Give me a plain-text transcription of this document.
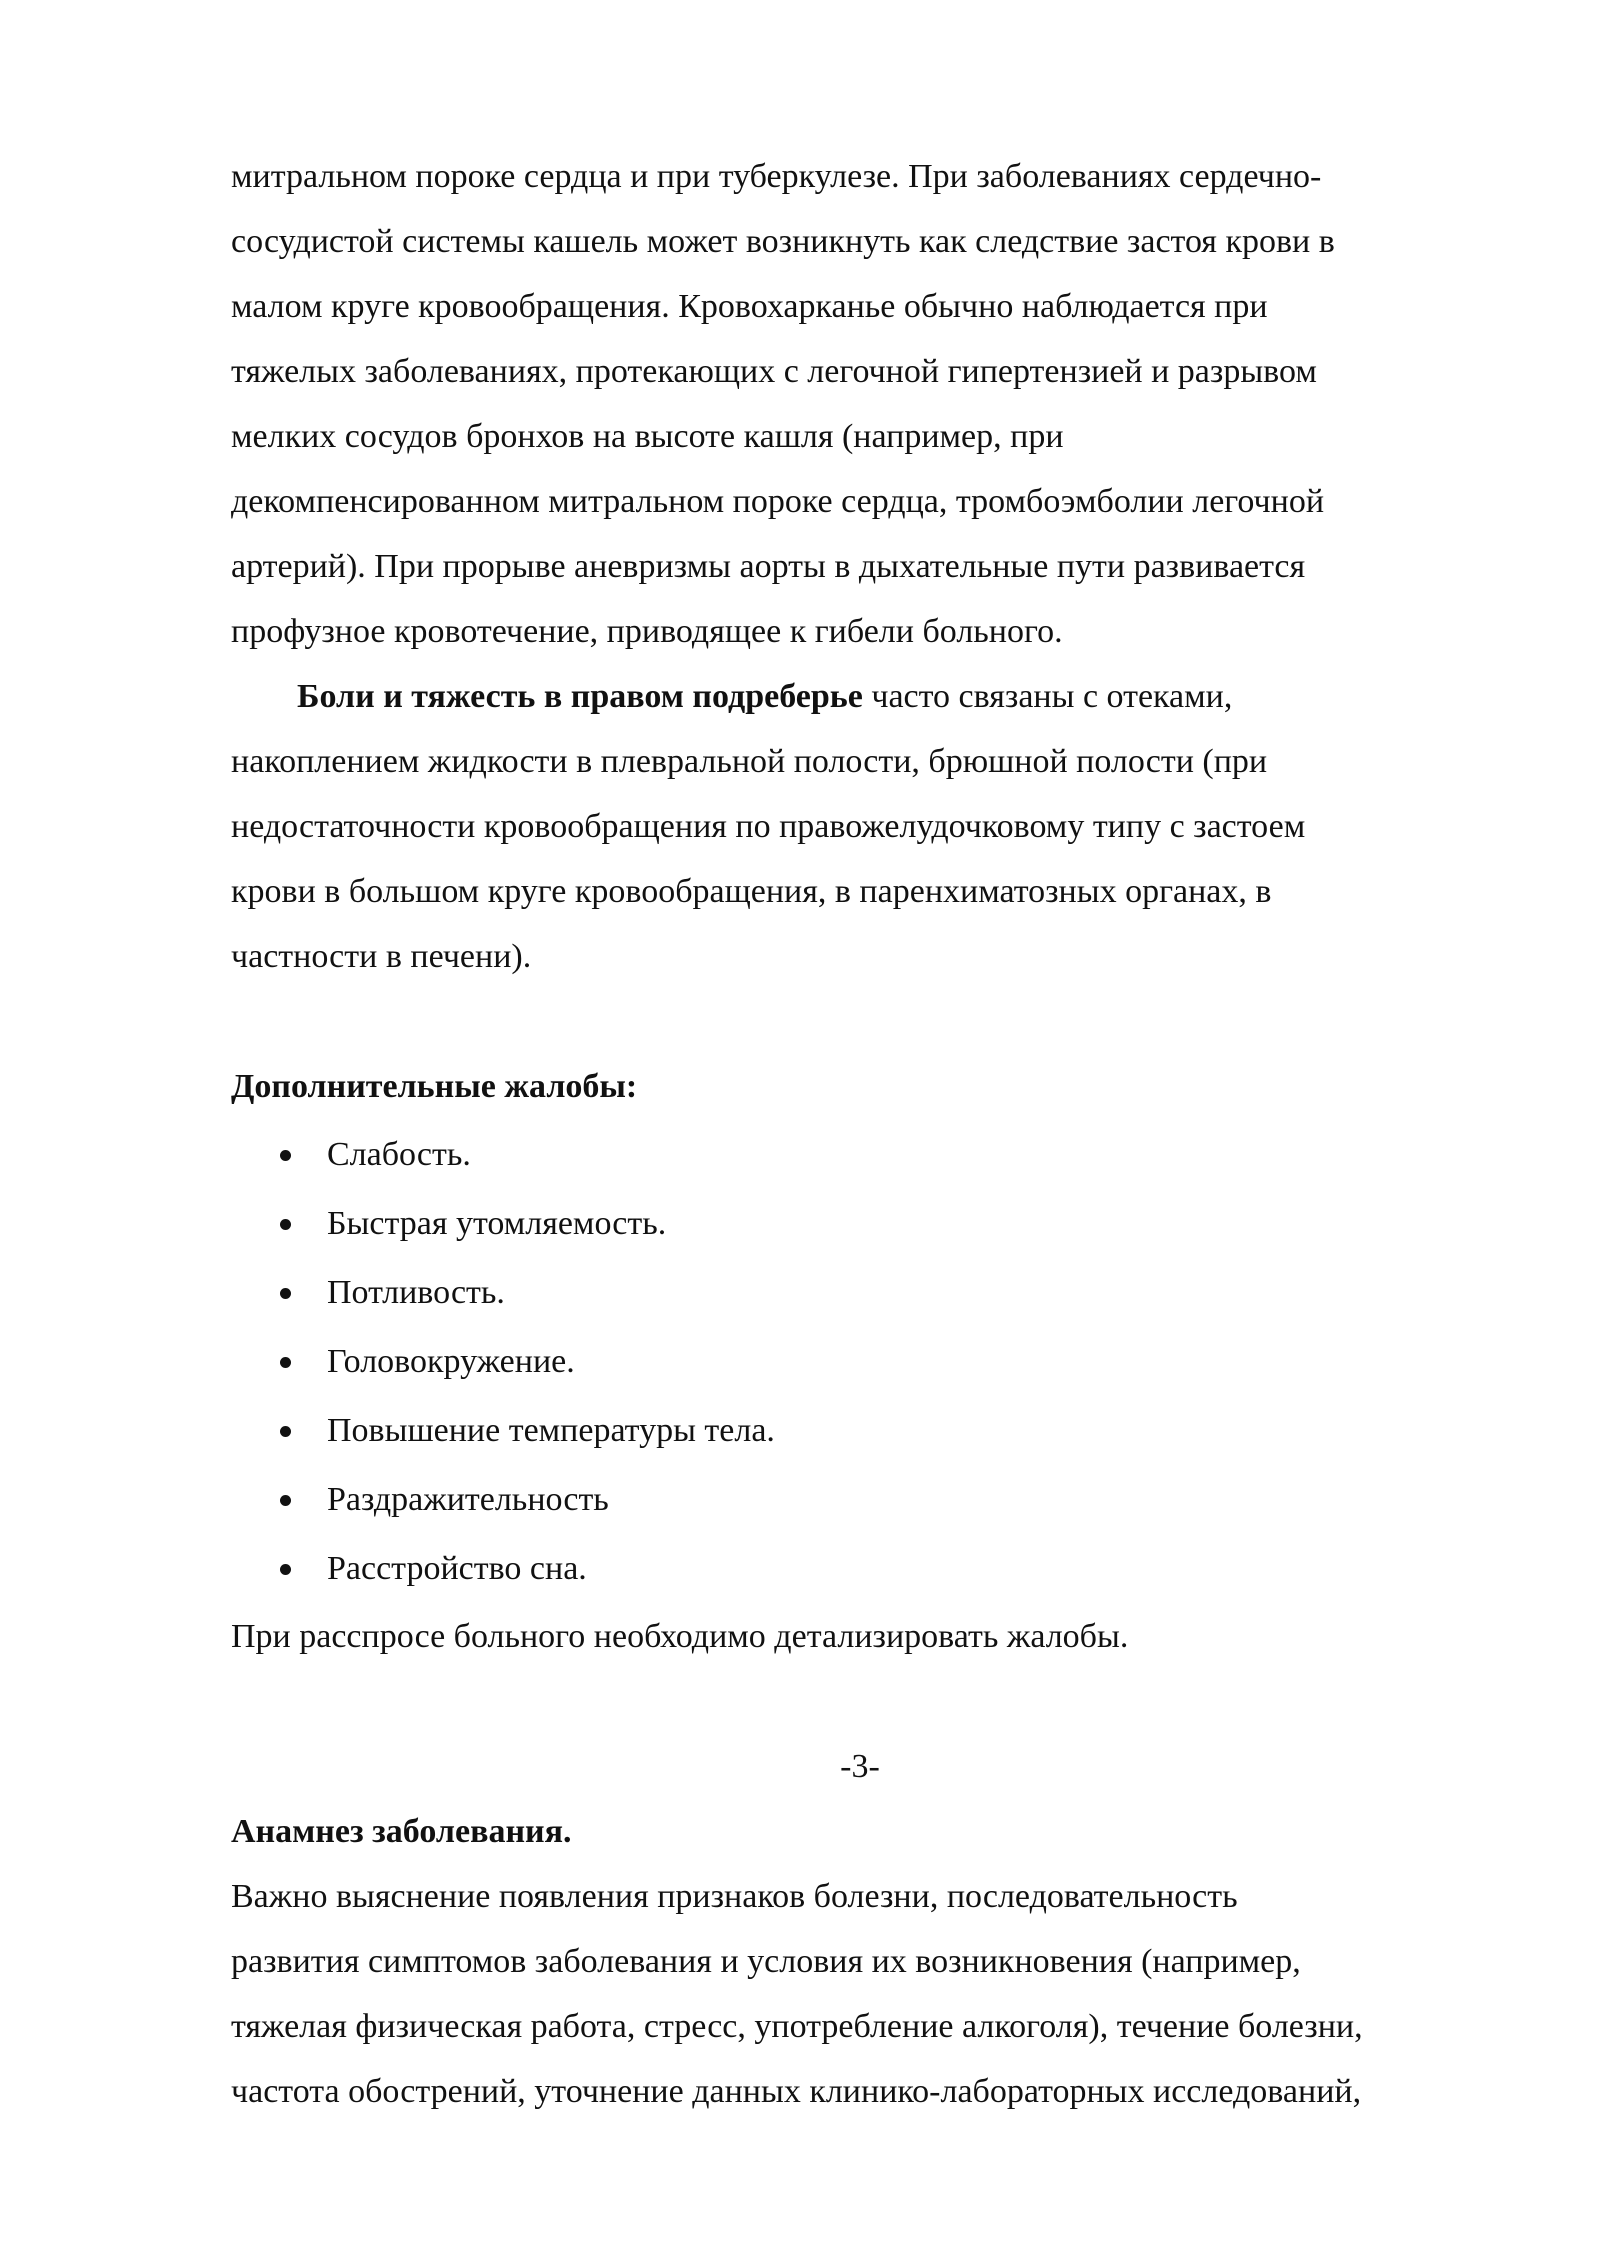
митральном пороке сердца и при туберкулезе. При заболеваниях сердечно-
сосудистой системы кашель может возникнуть как следствие застоя крови в
малом круге кровообращения. Кровохарканье обычно наблюдается при
тяжелых заболеваниях, протекающих с легочной гипертензией и разрывом
мелких сосудов бронхов на высоте кашля (например, при
декомпенсированном митральном пороке сердца, тромбоэмболии легочной
артерий). При прорыве аневризмы аорты в дыхательные пути развивается
профузное кровотечение, приводящее к гибели больного.
Боли и тяжесть в правом подреберье часто связаны с отеками,
накоплением жидкости в плевральной полости, брюшной полости (при
недостаточности кровообращения по правожелудочковому типу с застоем
крови в большом круге кровообращения, в паренхиматозных органах, в
частности в печени).
Дополнительные жалобы:
Слабость.
Быстрая утомляемость.
Потливость.
Головокружение.
Повышение температуры тела.
Раздражительность
Расстройство сна.
При расспросе больного необходимо детализировать жалобы.
-3-
Анамнез заболевания.
Важно выяснение появления признаков болезни, последовательность
развития симптомов заболевания и условия их возникновения (например,
тяжелая физическая работа, стресс, употребление алкоголя), течение болезни,
частота обострений, уточнение данных клинико-лабораторных исследований,
